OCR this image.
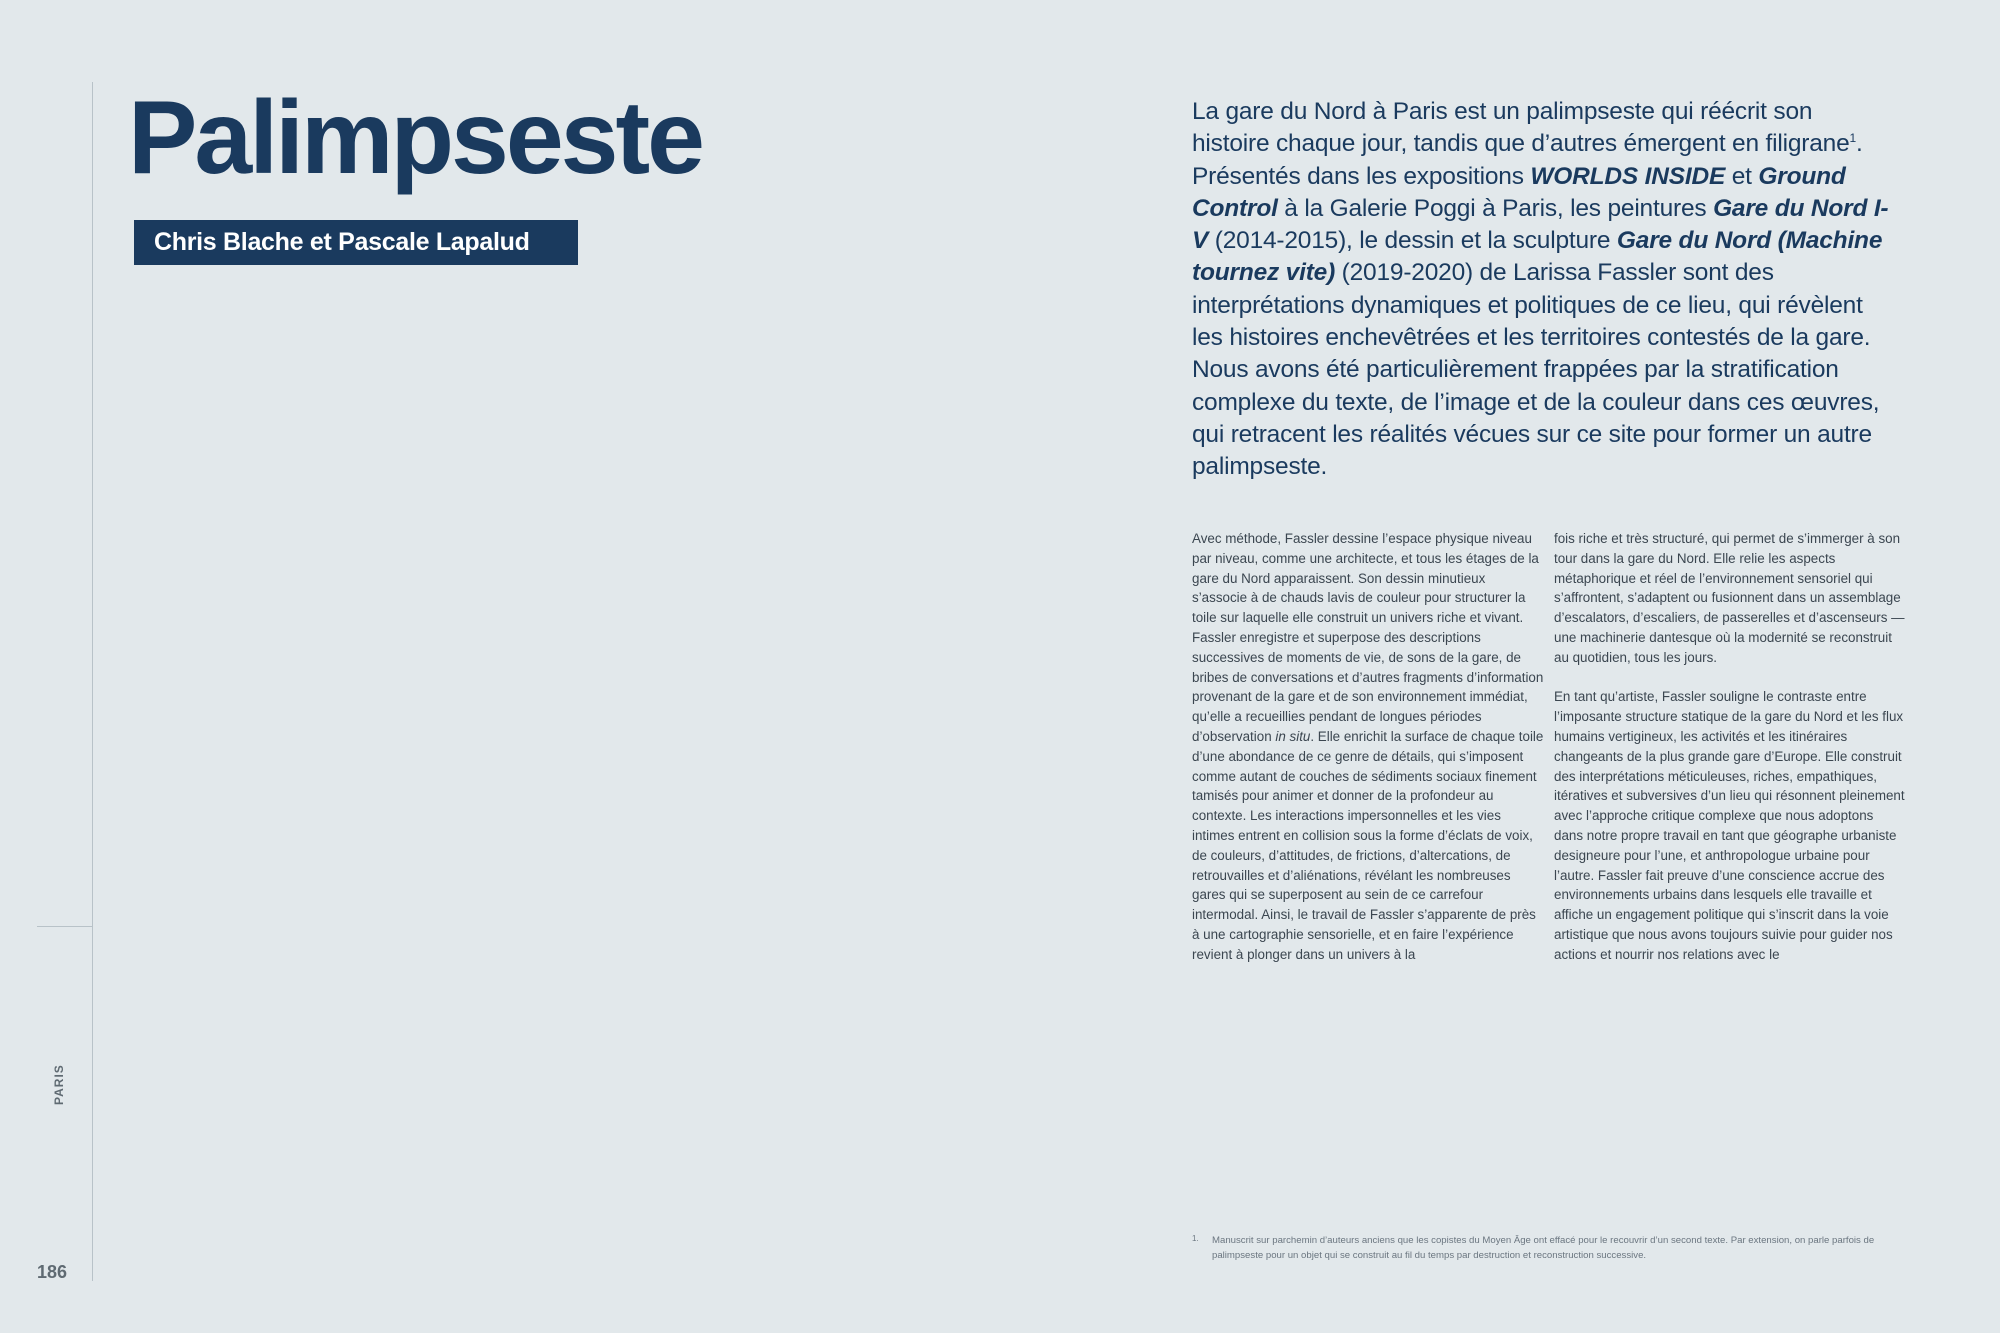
PARIS
186
Palimpseste
Chris Blache et Pascale Lapalud

La gare du Nord à Paris est un palimpseste qui réécrit son histoire chaque jour, tandis que d’autres émergent en filigrane$^1$. Présentés dans les expositions WORLDS INSIDE et Ground Control à la Galerie Poggi à Paris, les peintures Gare du Nord I-V (2014-2015), le dessin et la sculpture Gare du Nord (Machine tournez vite) (2019-2020) de Larissa Fassler sont des interprétations dynamiques et politiques de ce lieu, qui révèlent les histoires enchevêtrées et les territoires contestés de la gare. Nous avons été particulièrement frappées par la stratification complexe du texte, de l’image et de la couleur dans ces œuvres, qui retracent les réalités vécues sur ce site pour former un autre palimpseste.

Avec méthode, Fassler dessine l’espace physique niveau par niveau, comme une architecte, et tous les étages de la gare du Nord apparaissent. Son dessin minutieux s’associe à de chauds lavis de couleur pour structurer la toile sur laquelle elle construit un univers riche et vivant. Fassler enregistre et superpose des descriptions successives de moments de vie, de sons de la gare, de bribes de conversations et d’autres fragments d’information provenant de la gare et de son environnement immédiat, qu’elle a recueillies pendant de longues périodes d’observation in situ. Elle enrichit la surface de chaque toile d’une abondance de ce genre de détails, qui s’imposent comme autant de couches de sédiments sociaux finement tamisés pour animer et donner de la profondeur au contexte. Les interactions impersonnelles et les vies intimes entrent en collision sous la forme d’éclats de voix, de couleurs, d’attitudes, de frictions, d’altercations, de retrouvailles et d’aliénations, révélant les nombreuses gares qui se superposent au sein de ce carrefour intermodal. Ainsi, le travail de Fassler s’apparente de près à une cartographie sensorielle, et en faire l’expérience revient à plonger dans un univers à la

fois riche et très structuré, qui permet de s’immerger à son tour dans la gare du Nord. Elle relie les aspects métaphorique et réel de l’environnement sensoriel qui s’affrontent, s’adaptent ou fusionnent dans un assemblage d’escalators, d’escaliers, de passerelles et d’ascenseurs — une machinerie dantesque où la modernité se reconstruit au quotidien, tous les jours.

En tant qu’artiste, Fassler souligne le contraste entre l’imposante structure statique de la gare du Nord et les flux humains vertigineux, les activités et les itinéraires changeants de la plus grande gare d’Europe. Elle construit des interprétations méticuleuses, riches, empathiques, itératives et subversives d’un lieu qui résonnent pleinement avec l’approche critique complexe que nous adoptons dans notre propre travail en tant que géographe urbaniste designeure pour l’une, et anthropologue urbaine pour l’autre. Fassler fait preuve d’une conscience accrue des environnements urbains dans lesquels elle travaille et affiche un engagement politique qui s’inscrit dans la voie artistique que nous avons toujours suivie pour guider nos actions et nourrir nos relations avec le

1. Manuscrit sur parchemin d’auteurs anciens que les copistes du Moyen Âge ont effacé pour le recouvrir d’un second texte. Par extension, on parle parfois de palimpseste pour un objet qui se construit au fil du temps par destruction et reconstruction successive.
